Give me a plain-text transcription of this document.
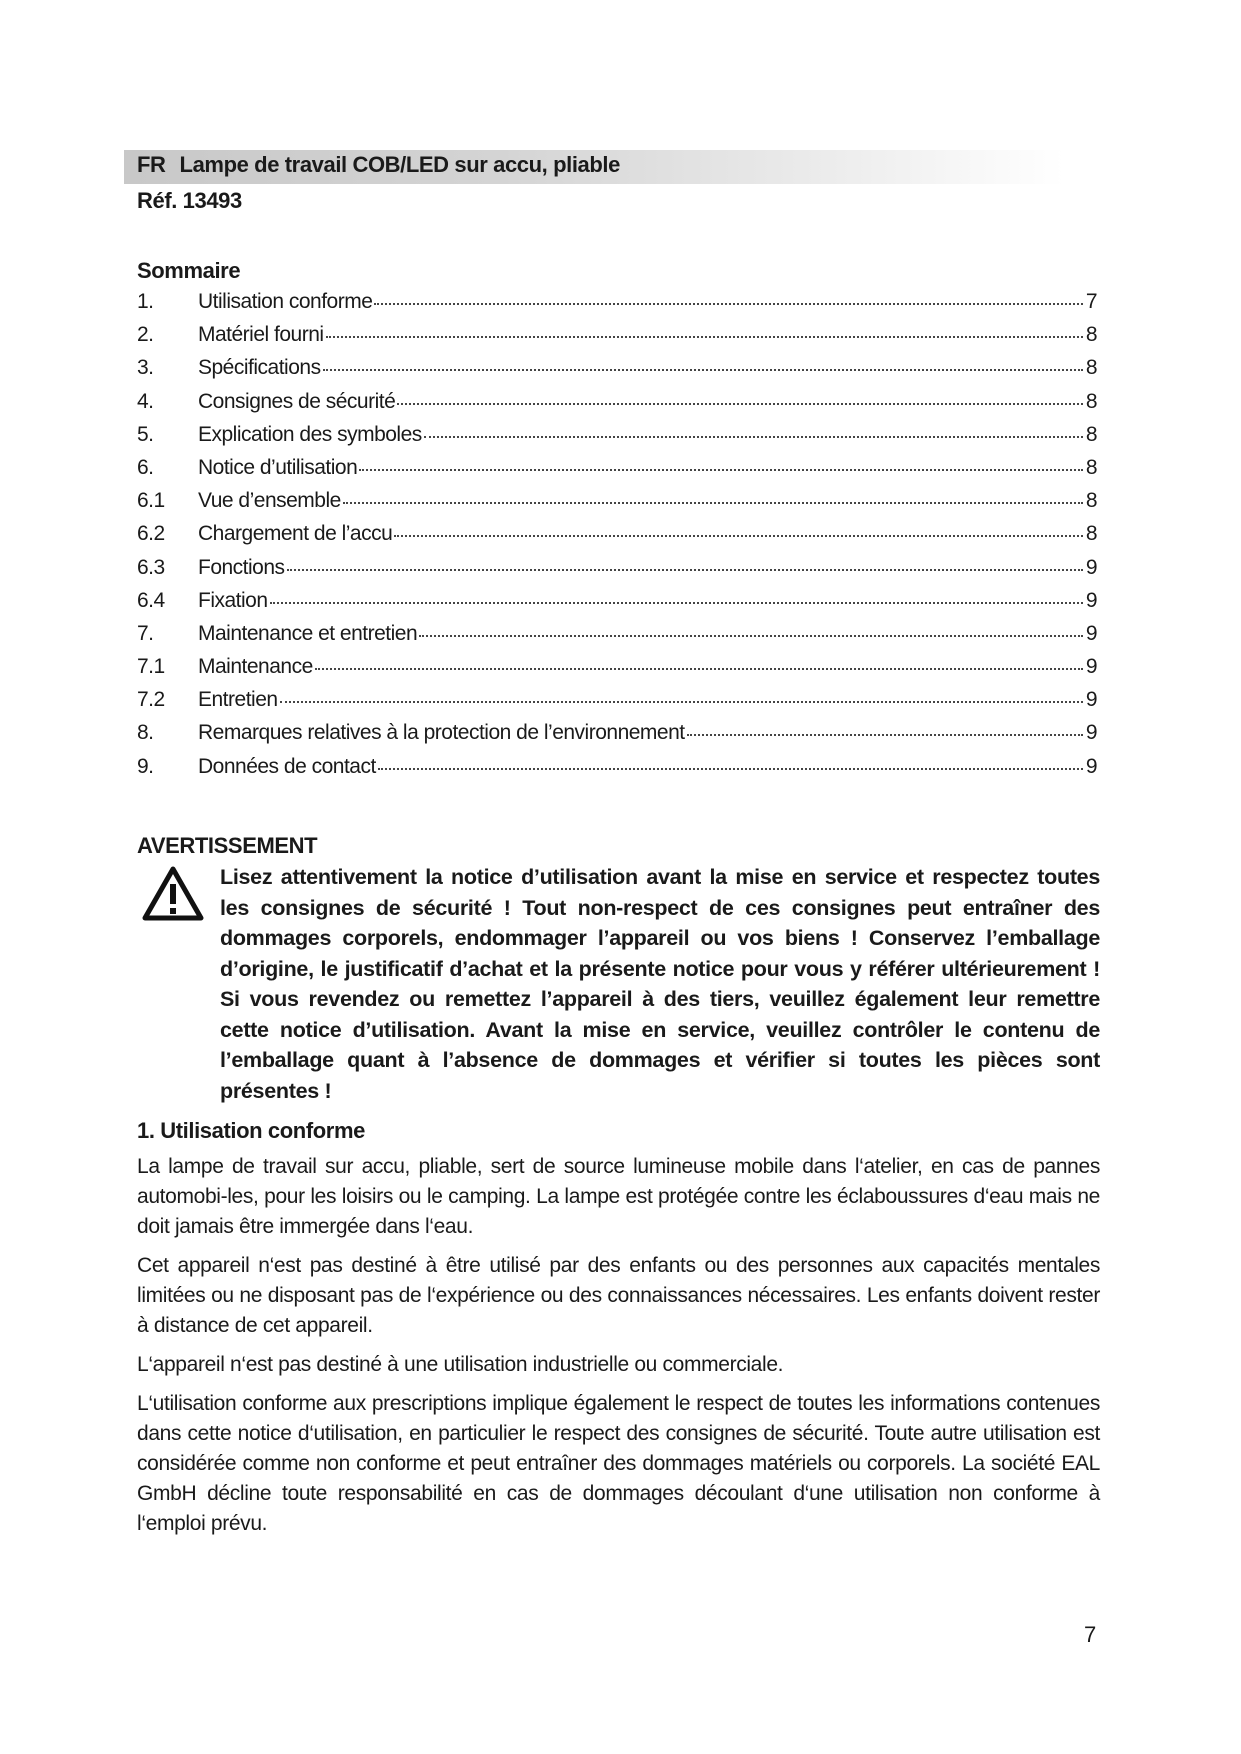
FR Lampe de travail COB/LED sur accu, pliable
Réf. 13493
Sommaire
1.	Utilisation conforme	7
2.	Matériel fourni	8
3.	Spécifications	8
4.	Consignes de sécurité	8
5.	Explication des symboles	8
6.	Notice d’utilisation	8
6.1	Vue d’ensemble	8
6.2	Chargement de l’accu	8
6.3	Fonctions	9
6.4	Fixation	9
7.	Maintenance et entretien	9
7.1	Maintenance	9
7.2	Entretien	9
8.	Remarques relatives à la protection de l’environnement	9
9.	Données de contact	9
AVERTISSEMENT

Lisez attentivement la notice d’utilisation avant la mise en service et respectez toutes les consignes de sécurité ! Tout non-respect de ces consignes peut entraîner des dommages corporels, endommager l’appareil ou vos biens ! Conservez l’emballage d’origine, le justificatif d’achat et la présente notice pour vous y référer ultérieurement ! Si vous revendez ou remettez l’appareil à des tiers, veuillez également leur remettre cette notice d’utilisation. Avant la mise en service, veuillez contrôler le contenu de l’emballage quant à l’absence de dommages et vérifier si toutes les pièces sont présentes !

1. Utilisation conforme

La lampe de travail sur accu, pliable, sert de source lumineuse mobile dans l‘atelier, en cas de pannes automobi-les, pour les loisirs ou le camping. La lampe est protégée contre les éclaboussures d‘eau mais ne doit jamais être immergée dans l‘eau.

Cet appareil n‘est pas destiné à être utilisé par des enfants ou des personnes aux capacités mentales limitées ou ne disposant pas de l‘expérience ou des connaissances nécessaires. Les enfants doivent rester à distance de cet appareil.

L‘appareil n‘est pas destiné à une utilisation industrielle ou commerciale.

L‘utilisation conforme aux prescriptions implique également le respect de toutes les informations contenues dans cette notice d‘utilisation, en particulier le respect des consignes de sécurité. Toute autre utilisation est considérée comme non conforme et peut entraîner des dommages matériels ou corporels. La société EAL GmbH décline toute responsabilité en cas de dommages découlant d‘une utilisation non conforme à l‘emploi prévu.

7
